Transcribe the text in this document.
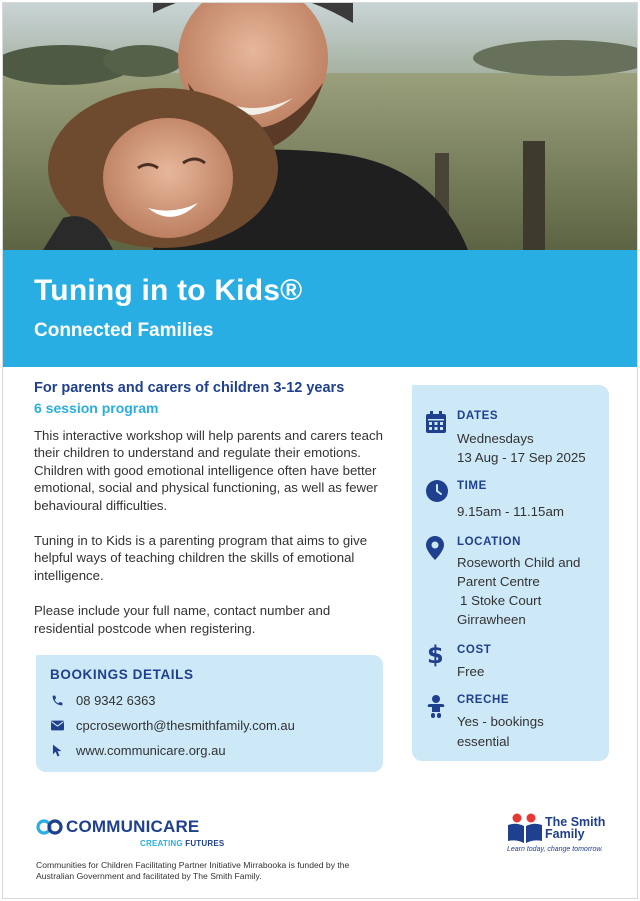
Tuning in to Kids®
Connected Families
For parents and carers of children 3-12 years
6 session program

This interactive workshop will help parents and carers teach their children to understand and regulate their emotions. Children with good emotional intelligence often have better emotional, social and physical functioning, as well as fewer behavioural difficulties.

Tuning in to Kids is a parenting program that aims to give helpful ways of teaching children the skills of emotional intelligence.

Please include your full name, contact number and residential postcode when registering.

BOOKINGS DETAILS
08 9342 6363
cpcroseworth@thesmithfamily.com.au
www.communicare.org.au
DATES
Wednesdays
13 Aug - 17 Sep 2025
TIME
9.15am - 11.15am
LOCATION
Roseworth Child and
Parent Centre
1 Stoke Court
Girrawheen
$	COST
Free
CRECHE
Yes - bookings
essential
COMMUNICARE
CREATING FUTURES

Communities for Children Facilitating Partner Initiative Mirrabooka is funded by the Australian Government and facilitated by The Smith Family.

The Smith
Family
Learn today, change tomorrow.
